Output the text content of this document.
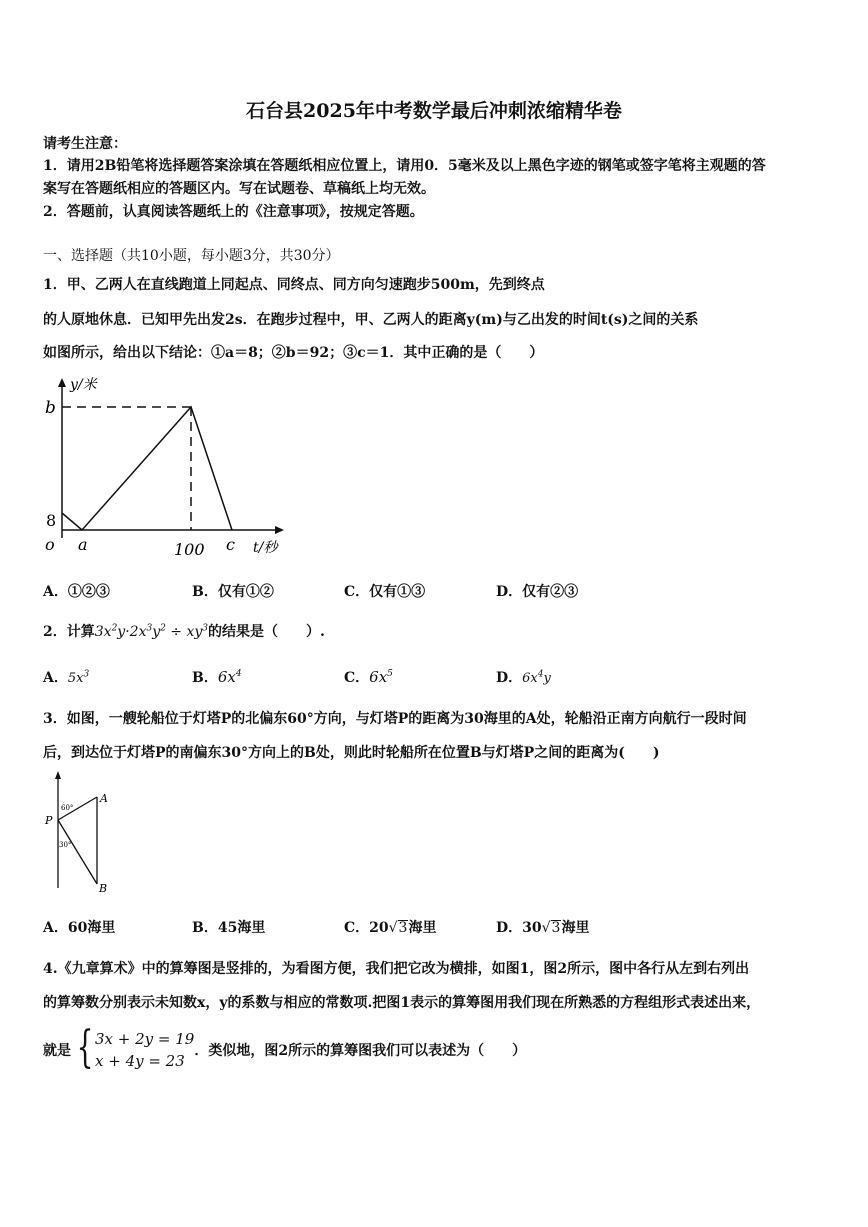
石台县2025年中考数学最后冲刺浓缩精华卷
请考生注意：
1．请用2B铅笔将选择题答案涂填在答题纸相应位置上，请用0．5毫米及以上黑色字迹的钢笔或签字笔将主观题的答
案写在答题纸相应的答题区内。写在试题卷、草稿纸上均无效。
2．答题前，认真阅读答题纸上的《注意事项》，按规定答题。
一、选择题（共10小题，每小题3分，共30分）
1．甲、乙两人在直线跑道上同起点、同终点、同方向匀速跑步500m，先到终点
的人原地休息．已知甲先出发2s．在跑步过程中，甲、乙两人的距离y(m)与乙出发的时间t(s)之间的关系
如图所示，给出以下结论：①a＝8；②b＝92；③c＝1．其中正确的是（　　）
y/米
b
8
o a	100 c t/秒
A．①②③	B．仅有①②	C．仅有①③	D．仅有②③
2．计算$3x^2y\cdot 2x^3y^2 \div xy^3$的结果是（　　）.
A．$5x^3$	B．$6x^4$	C．$6x^5$	D．$6x^4y$
3．如图，一艘轮船位于灯塔P的北偏东60°方向，与灯塔P的距离为30海里的A处，轮船沿正南方向航行一段时间
后，到达位于灯塔P的南偏东30°方向上的B处，则此时轮船所在位置B与灯塔P之间的距离为(　　)
A
P
B
60°
30°
A．60海里	B．45海里	C．20√3海里	D．30√3海里
4.《九章算术》中的算筹图是竖排的，为看图方便，我们把它改为横排，如图1，图2所示，图中各行从左到右列出
的算筹数分别表示未知数x，y的系数与相应的常数项.把图1表示的算筹图用我们现在所熟悉的方程组形式表述出来，
就是 { 3x + 2y = 19
x + 4y = 23
．类似地，图2所示的算筹图我们可以表述为（　　）
